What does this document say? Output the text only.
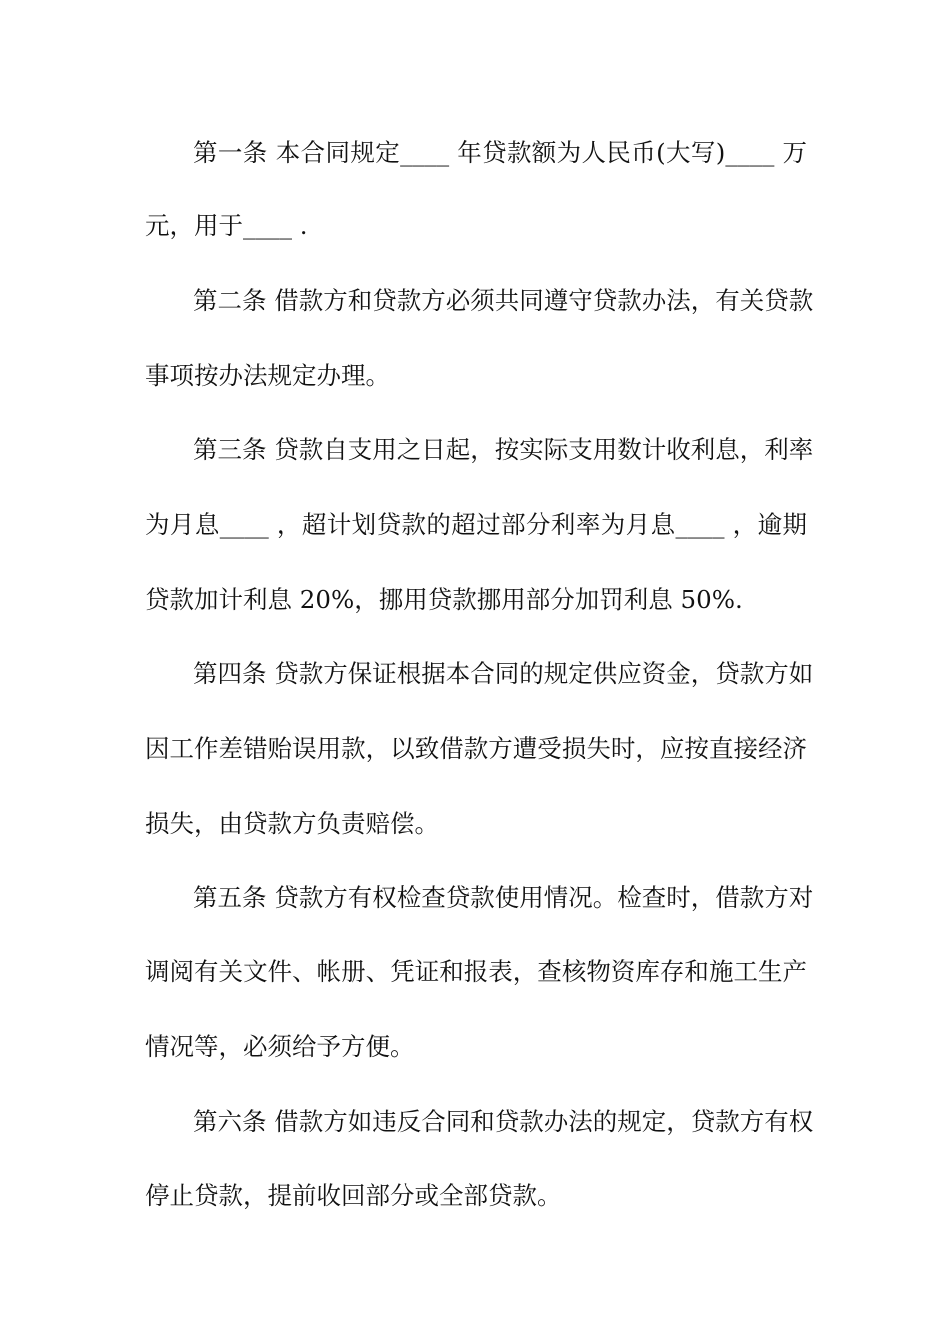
第一条 本合同规定____ 年贷款额为人民币(大写)____ 万
元，用于____ .
第二条 借款方和贷款方必须共同遵守贷款办法，有关贷款
事项按办法规定办理。
第三条 贷款自支用之日起，按实际支用数计收利息，利率
为月息____ ，超计划贷款的超过部分利率为月息____ ，逾期
贷款加计利息 20%，挪用贷款挪用部分加罚利息 50%.
第四条 贷款方保证根据本合同的规定供应资金，贷款方如
因工作差错贻误用款，以致借款方遭受损失时，应按直接经济
损失，由贷款方负责赔偿。
第五条 贷款方有权检查贷款使用情况。检查时，借款方对
调阅有关文件、帐册、凭证和报表，查核物资库存和施工生产
情况等，必须给予方便。
第六条 借款方如违反合同和贷款办法的规定，贷款方有权
停止贷款，提前收回部分或全部贷款。
